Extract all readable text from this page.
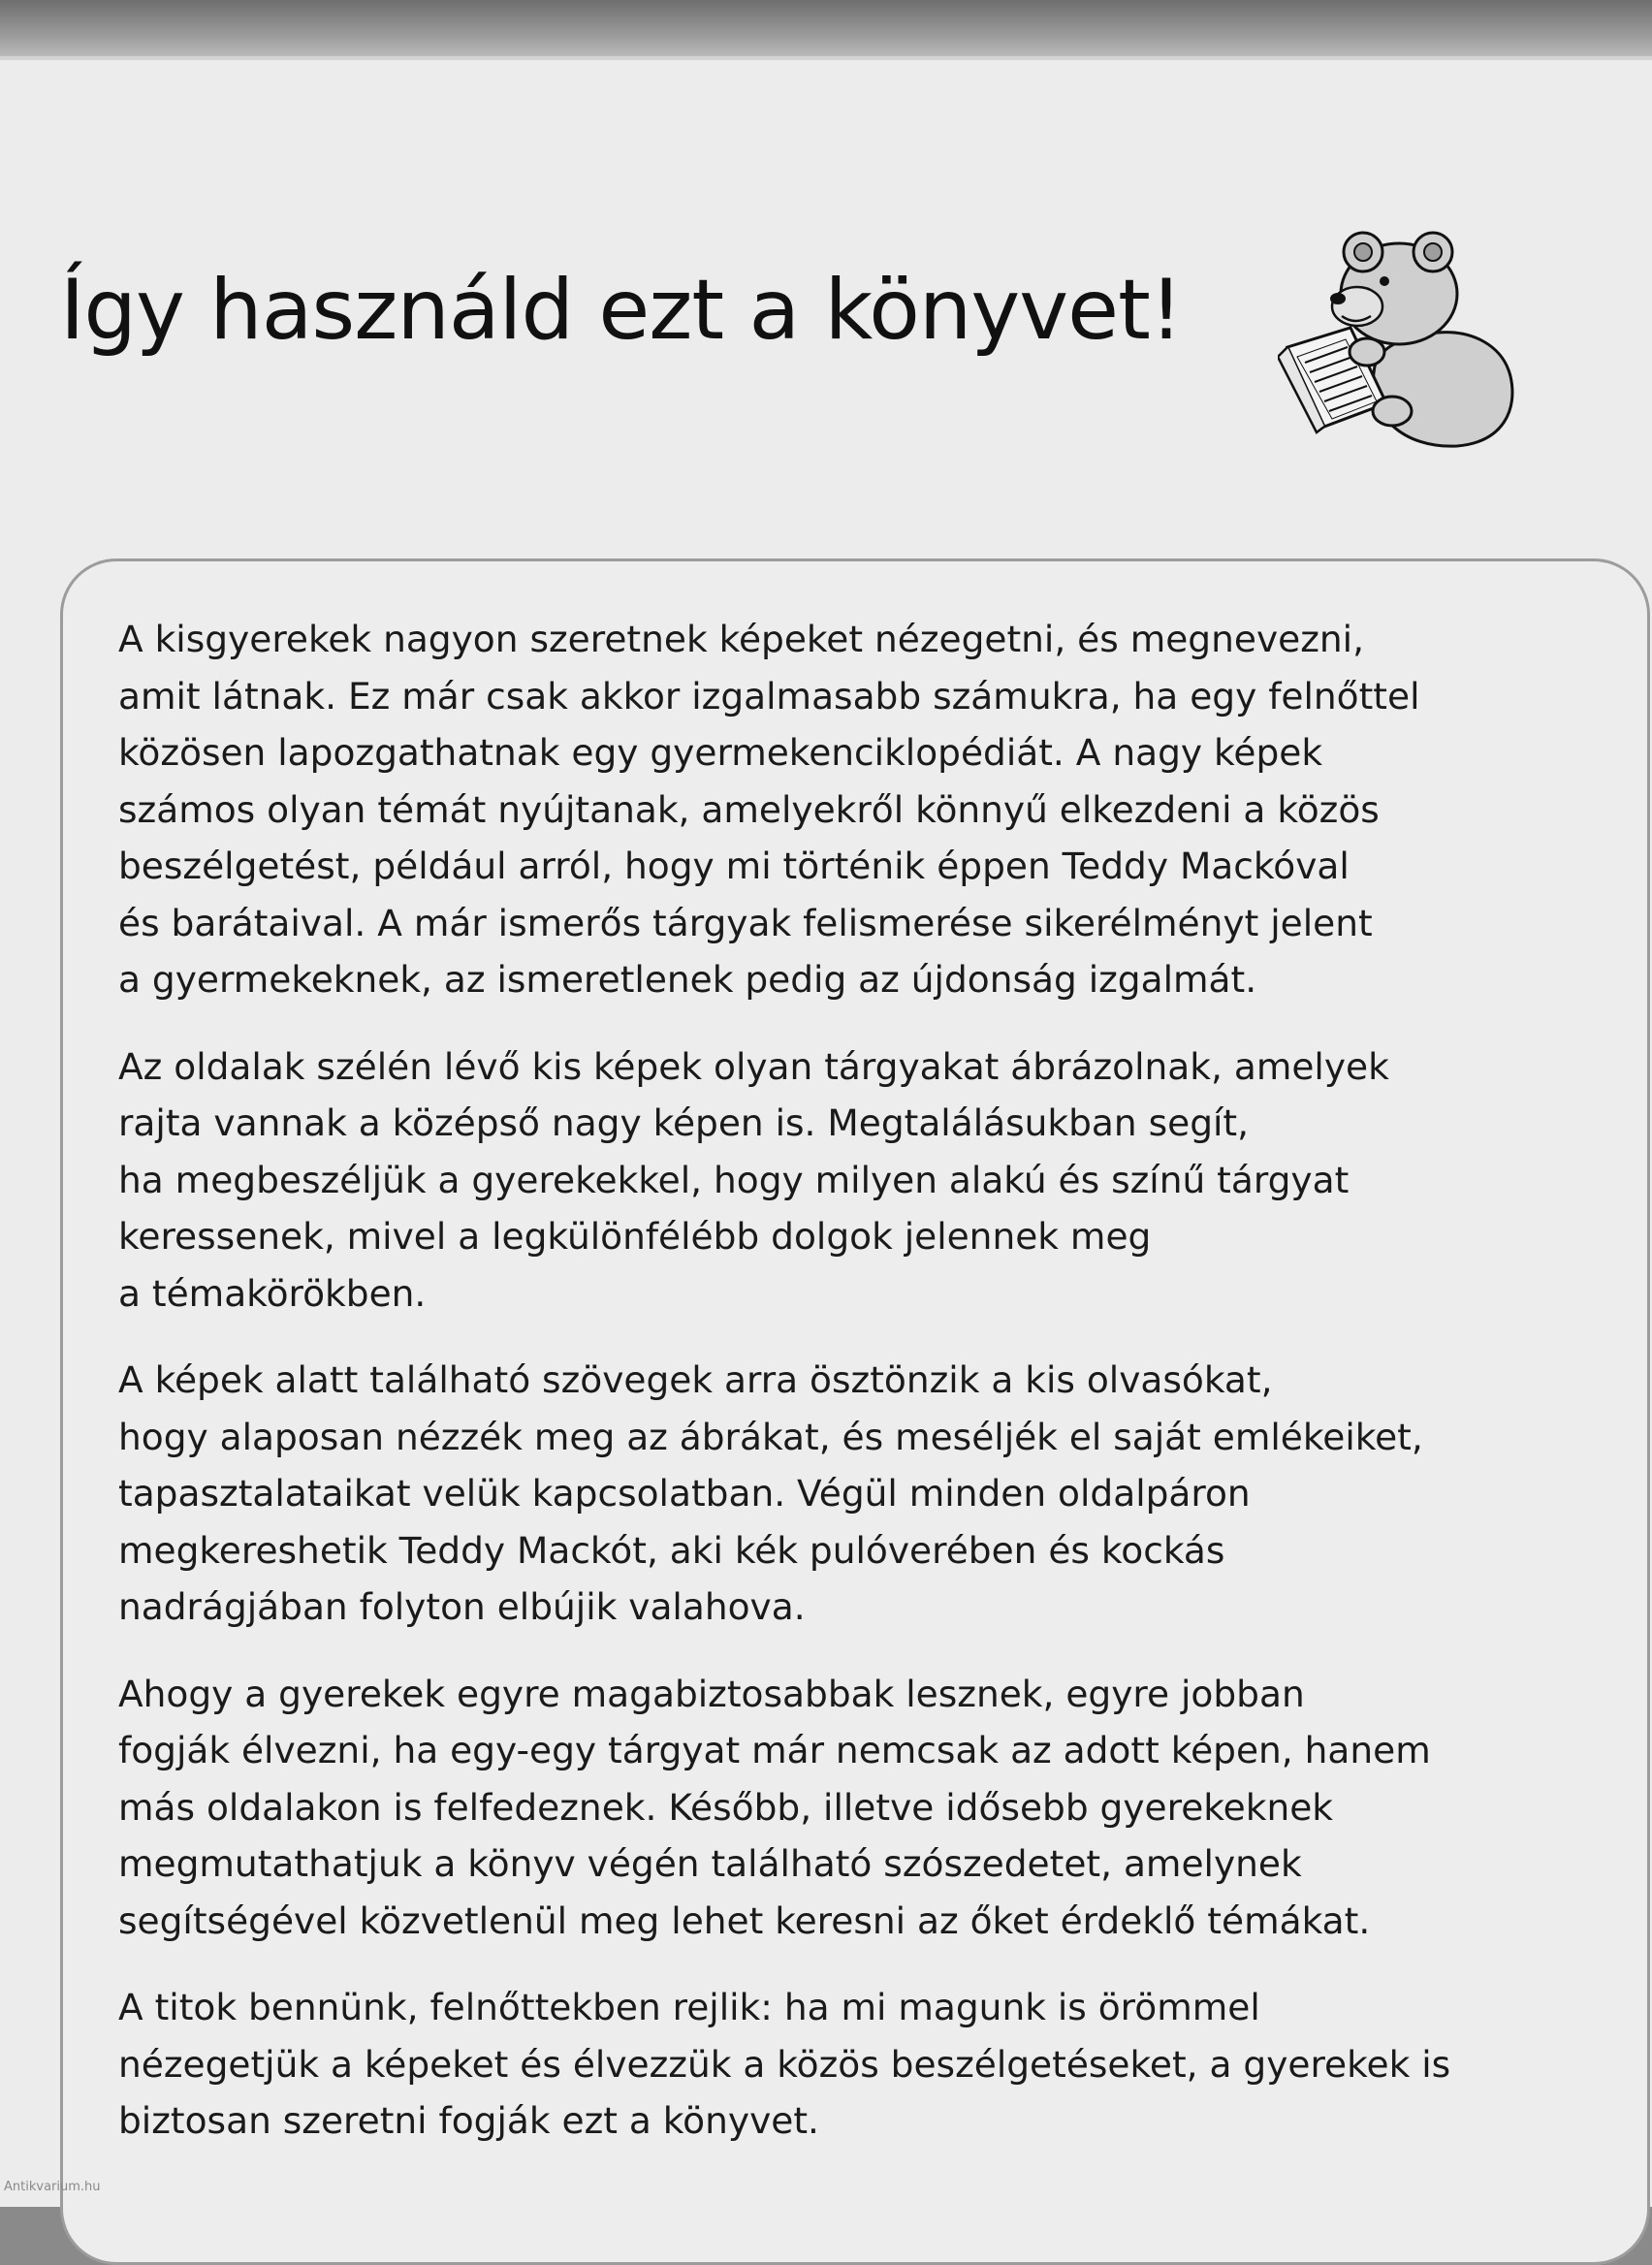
Így használd ezt a könyvet!

A kisgyerekek nagyon szeretnek képeket nézegetni, és megnevezni,
amit látnak. Ez már csak akkor izgalmasabb számukra, ha egy felnőttel
közösen lapozgathatnak egy gyermekenciklopédiát. A nagy képek
számos olyan témát nyújtanak, amelyekről könnyű elkezdeni a közös
beszélgetést, például arról, hogy mi történik éppen Teddy Mackóval
és barátaival. A már ismerős tárgyak felismerése sikerélményt jelent
a gyermekeknek, az ismeretlenek pedig az újdonság izgalmát.

Az oldalak szélén lévő kis képek olyan tárgyakat ábrázolnak, amelyek
rajta vannak a középső nagy képen is. Megtalálásukban segít,
ha megbeszéljük a gyerekekkel, hogy milyen alakú és színű tárgyat
keressenek, mivel a legkülönfélébb dolgok jelennek meg
a témakörökben.

A képek alatt található szövegek arra ösztönzik a kis olvasókat,
hogy alaposan nézzék meg az ábrákat, és meséljék el saját emlékeiket,
tapasztalataikat velük kapcsolatban. Végül minden oldalpáron
megkereshetik Teddy Mackót, aki kék pulóverében és kockás
nadrágjában folyton elbújik valahova.

Ahogy a gyerekek egyre magabiztosabbak lesznek, egyre jobban
fogják élvezni, ha egy-egy tárgyat már nemcsak az adott képen, hanem
más oldalakon is felfedeznek. Később, illetve idősebb gyerekeknek
megmutathatjuk a könyv végén található szószedetet, amelynek
segítségével közvetlenül meg lehet keresni az őket érdeklő témákat.

A titok bennünk, felnőttekben rejlik: ha mi magunk is örömmel
nézegetjük a képeket és élvezzük a közös beszélgetéseket, a gyerekek is
biztosan szeretni fogják ezt a könyvet.

Antikvarium.hu
